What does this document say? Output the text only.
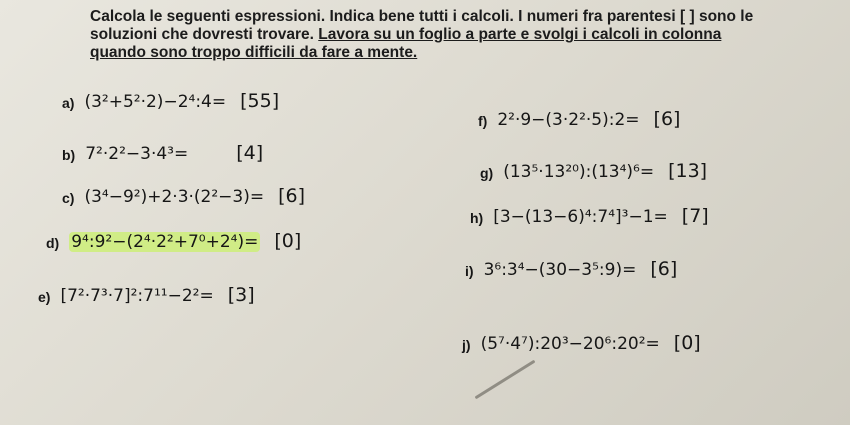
Calcola le seguenti espressioni. Indica bene tutti i calcoli. I numeri fra parentesi [ ] sono le
soluzioni che dovresti trovare. Lavora su un foglio a parte e svolgi i calcoli in colonna
quando sono troppo difficili da fare a mente.
a) (3²+5²·2)−2⁴:4= [55]
b) 7²·2²−3·4³=	[4]
c) (3⁴−9²)+2·3·(2²−3)= [6]
d) 9⁴:9²−(2⁴·2²+7⁰+2⁴)= [0]
e) [7²·7³·7]²:7¹¹−2²= [3]
f) 2²·9−(3·2²·5):2= [6]
g) (13⁵·13²⁰):(13⁴)⁶= [13]
h) [3−(13−6)⁴:7⁴]³−1= [7]
i) 3⁶:3⁴−(30−3⁵:9)= [6]
j) (5⁷·4⁷):20³−20⁶:20²= [0]
